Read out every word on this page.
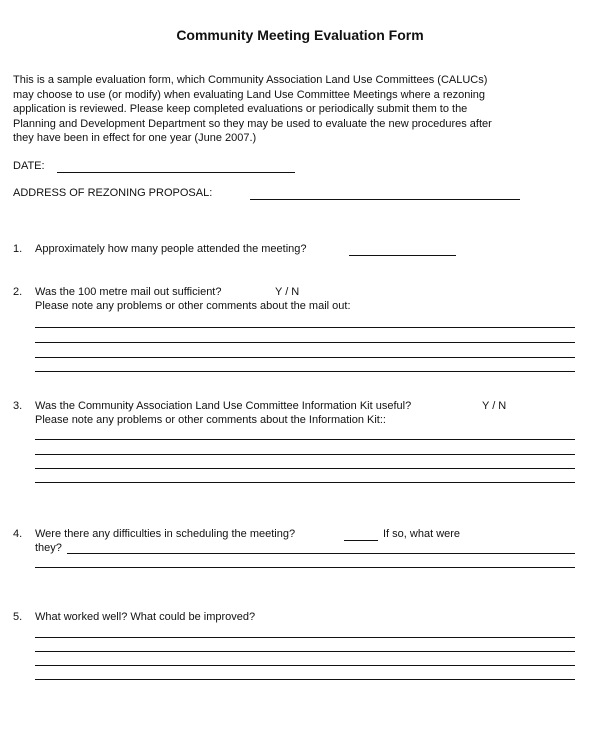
Community Meeting Evaluation Form
This is a sample evaluation form, which Community Association Land Use Committees (CALUCs)
may choose to use (or modify) when evaluating Land Use Committee Meetings where a rezoning
application is reviewed. Please keep completed evaluations or periodically submit them to the
Planning and Development Department so they may be used to evaluate the new procedures after
they have been in effect for one year (June 2007.)
DATE:
ADDRESS OF REZONING PROPOSAL:
1. Approximately how many people attended the meeting?
2. Was the 100 metre mail out sufficient?	Y / N
Please note any problems or other comments about the mail out:
3. Was the Community Association Land Use Committee Information Kit useful?	Y / N
Please note any problems or other comments about the Information Kit::
4. Were there any difficulties in scheduling the meeting?	If so, what were
they?
5. What worked well? What could be improved?
